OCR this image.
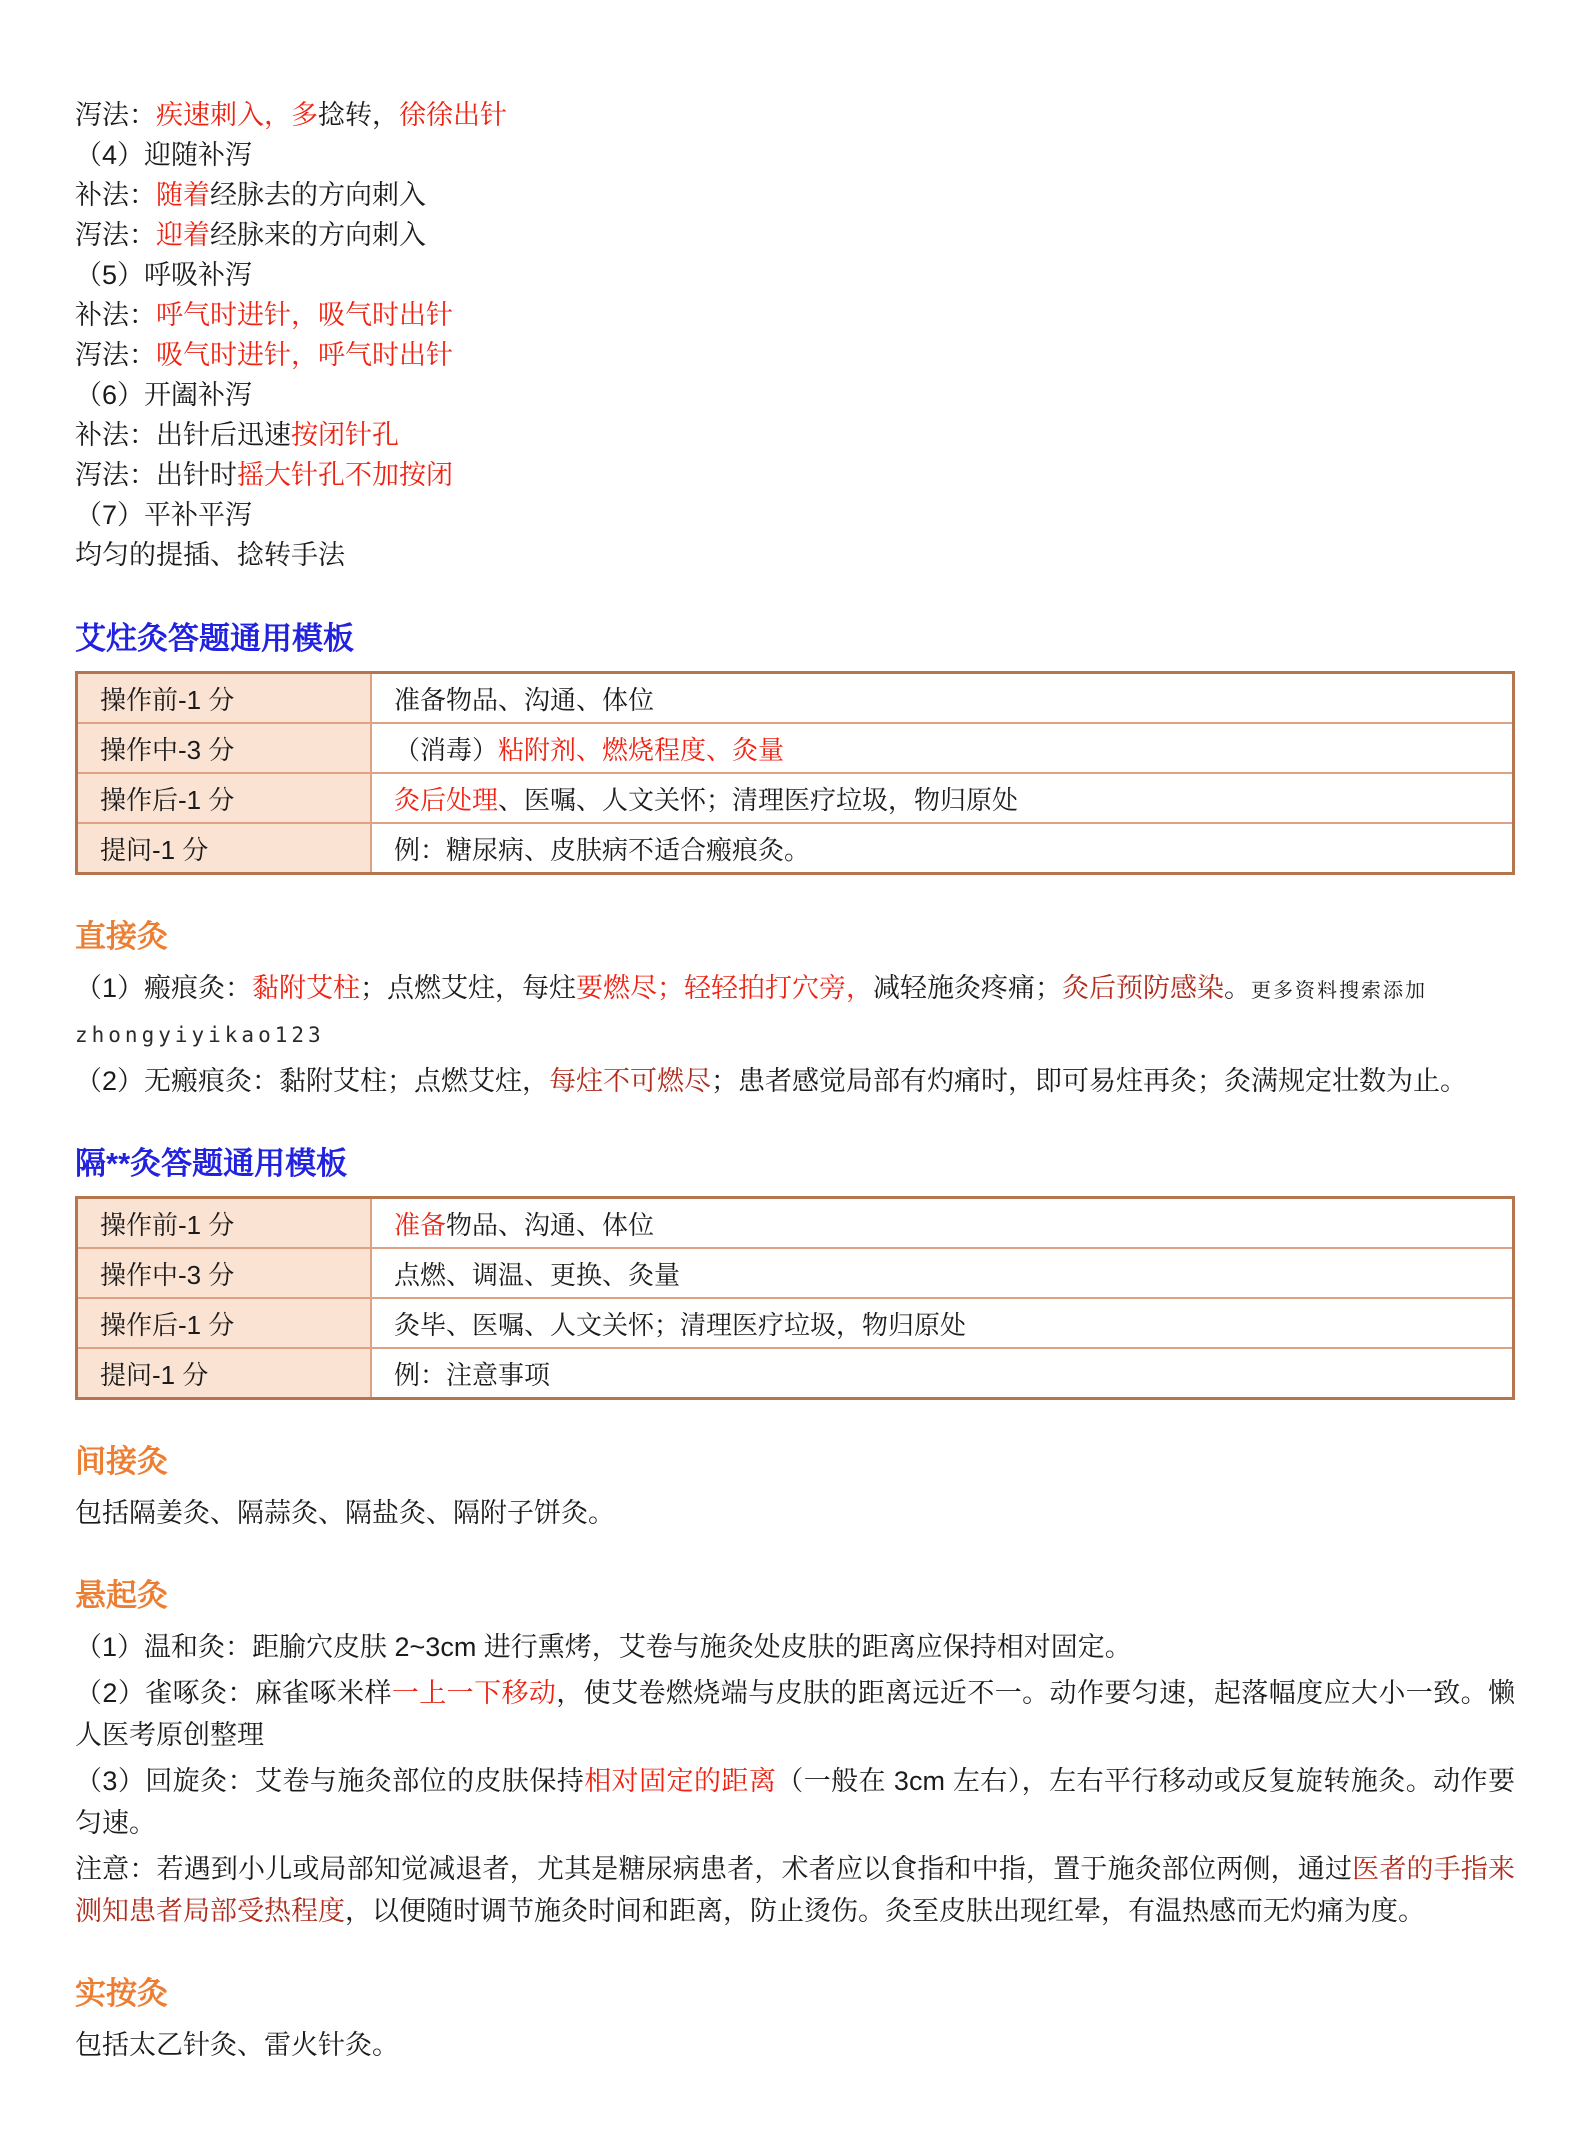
泻法：疾速刺入，多捻转，徐徐出针
（4）迎随补泻
补法：随着经脉去的方向刺入
泻法：迎着经脉来的方向刺入
（5）呼吸补泻
补法：呼气时进针，吸气时出针
泻法：吸气时进针，呼气时出针
（6）开阖补泻
补法：出针后迅速按闭针孔
泻法：出针时摇大针孔不加按闭
（7）平补平泻
均匀的提插、捻转手法
艾炷灸答题通用模板
操作前-1 分	准备物品、沟通、体位
操作中-3 分	（消毒）粘附剂、燃烧程度、灸量
操作后-1 分	灸后处理、医嘱、人文关怀；清理医疗垃圾，物归原处
提问-1 分	例：糖尿病、皮肤病不适合瘢痕灸。
直接灸

（1）瘢痕灸：黏附艾柱；点燃艾炷，每炷要燃尽；轻轻拍打穴旁，减轻施灸疼痛；灸后预防感染。更多资料搜索添加
zhongyiyikao123

（2）无瘢痕灸：黏附艾柱；点燃艾炷，每炷不可燃尽；患者感觉局部有灼痛时，即可易炷再灸；灸满规定壮数为止。

隔**灸答题通用模板
操作前-1 分	准备物品、沟通、体位
操作中-3 分	点燃、调温、更换、灸量
操作后-1 分	灸毕、医嘱、人文关怀；清理医疗垃圾，物归原处
提问-1 分	例：注意事项
间接灸

包括隔姜灸、隔蒜灸、隔盐灸、隔附子饼灸。

悬起灸

（1）温和灸：距腧穴皮肤 2~3cm 进行熏烤，艾卷与施灸处皮肤的距离应保持相对固定。

（2）雀啄灸：麻雀啄米样一上一下移动，使艾卷燃烧端与皮肤的距离远近不一。动作要匀速，起落幅度应大小一致。懒人医考原创整理

（3）回旋灸：艾卷与施灸部位的皮肤保持相对固定的距离（一般在 3cm 左右），左右平行移动或反复旋转施灸。动作要匀速。

注意：若遇到小儿或局部知觉减退者，尤其是糖尿病患者，术者应以食指和中指，置于施灸部位两侧，通过医者的手指来测知患者局部受热程度，以便随时调节施灸时间和距离，防止烫伤。灸至皮肤出现红晕，有温热感而无灼痛为度。

实按灸

包括太乙针灸、雷火针灸。
